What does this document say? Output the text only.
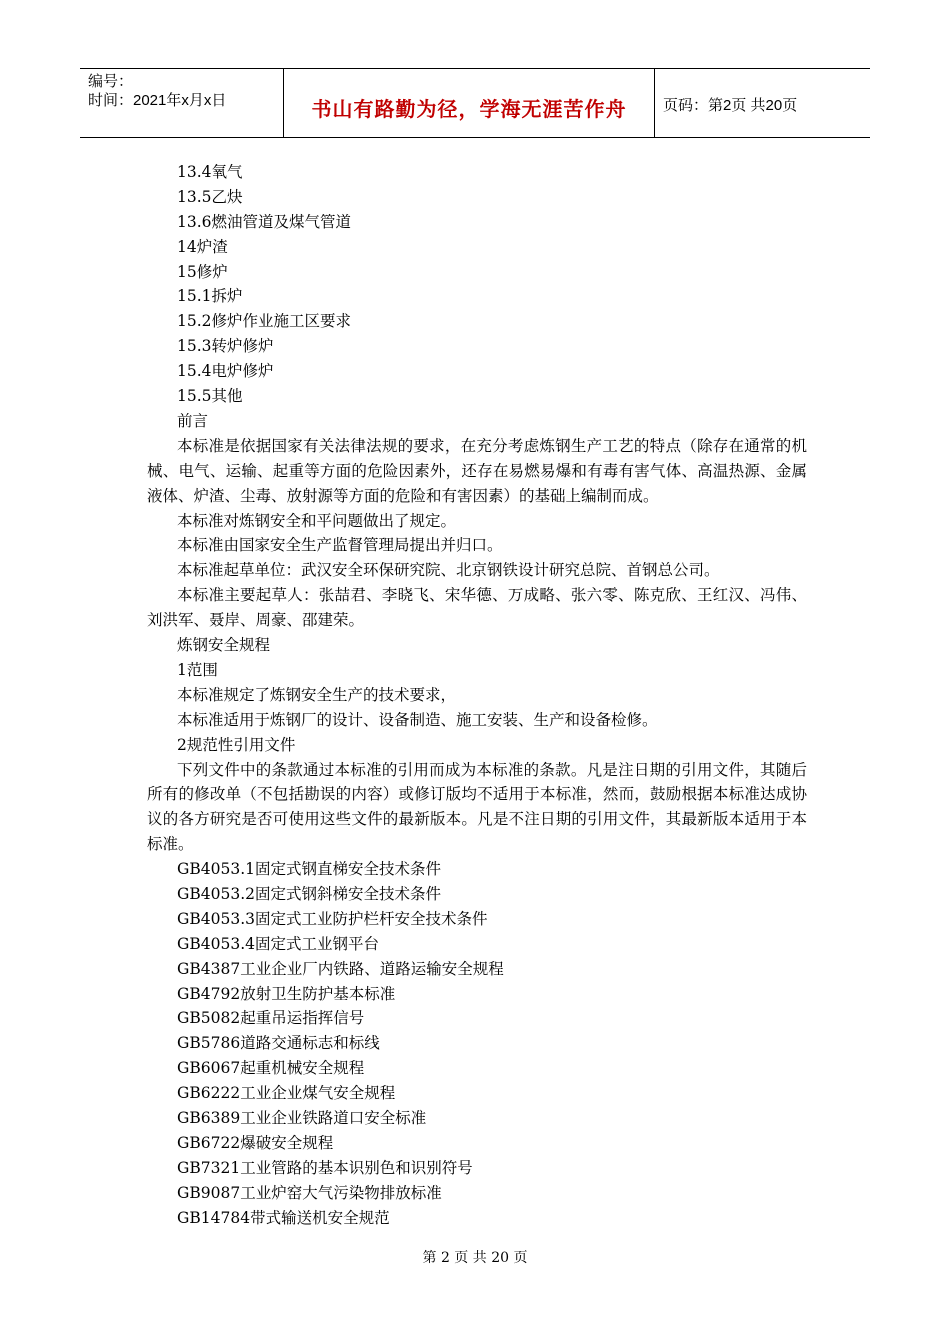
编号：
时间：2021年x月x日	书山有路勤为径，学海无涯苦作舟	页码：第2页 共20页
13.4氧气
13.5乙炔
13.6燃油管道及煤气管道
14炉渣
15修炉
15.1拆炉
15.2修炉作业施工区要求
15.3转炉修炉
15.4电炉修炉
15.5其他
前言
本标准是依据国家有关法律法规的要求，在充分考虑炼钢生产工艺的特点（除存在通常的机械、电气、运输、起重等方面的危险因素外，还存在易燃易爆和有毒有害气体、高温热源、金属液体、炉渣、尘毒、放射源等方面的危险和有害因素）的基础上编制而成。
本标准对炼钢安全和平问题做出了规定。
本标准由国家安全生产监督管理局提出并归口。
本标准起草单位：武汉安全环保研究院、北京钢铁设计研究总院、首钢总公司。
本标准主要起草人：张喆君、李晓飞、宋华德、万成略、张六零、陈克欣、王红汉、冯伟、刘洪军、聂岸、周豪、邵建荣。
炼钢安全规程
1范围
本标准规定了炼钢安全生产的技术要求，
本标准适用于炼钢厂的设计、设备制造、施工安装、生产和设备检修。
2规范性引用文件
下列文件中的条款通过本标准的引用而成为本标准的条款。凡是注日期的引用文件，其随后所有的修改单（不包括勘误的内容）或修订版均不适用于本标准，然而，鼓励根据本标准达成协议的各方研究是否可使用这些文件的最新版本。凡是不注日期的引用文件，其最新版本适用于本标准。
GB4053.1固定式钢直梯安全技术条件
GB4053.2固定式钢斜梯安全技术条件
GB4053.3固定式工业防护栏杆安全技术条件
GB4053.4固定式工业钢平台
GB4387工业企业厂内铁路、道路运输安全规程
GB4792放射卫生防护基本标准
GB5082起重吊运指挥信号
GB5786道路交通标志和标线
GB6067起重机械安全规程
GB6222工业企业煤气安全规程
GB6389工业企业铁路道口安全标准
GB6722爆破安全规程
GB7321工业管路的基本识别色和识别符号
GB9087工业炉窑大气污染物排放标准
GB14784带式输送机安全规范
第 2 页 共 20 页
